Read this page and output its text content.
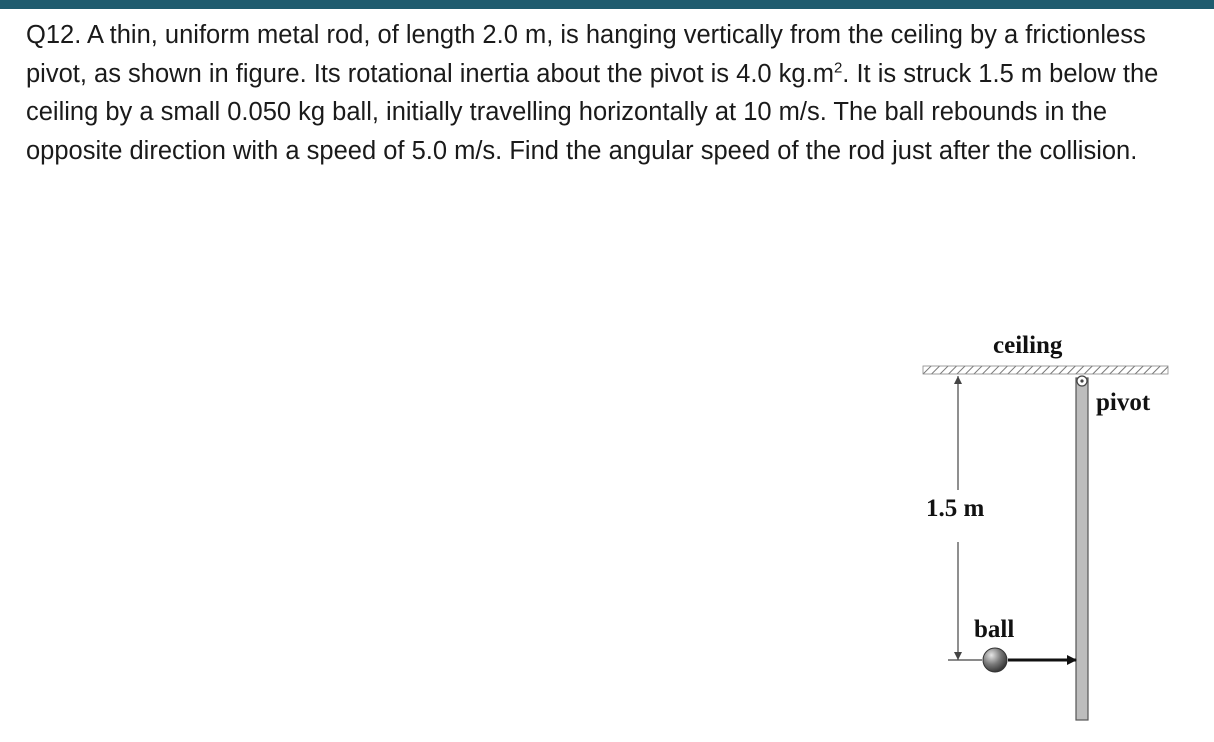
Q12. A thin, uniform metal rod, of length 2.0 m, is hanging vertically from the ceiling by a frictionless pivot, as shown in figure. Its rotational inertia about the pivot is 4.0 $kg.m^2$. It is struck 1.5 m below the ceiling by a small 0.050 kg ball, initially travelling horizontally at 10 m/s. The ball rebounds in the opposite direction with a speed of 5.0 m/s. Find the angular speed of the rod just after the collision.

ceiling
pivot
1.5 m
ball
